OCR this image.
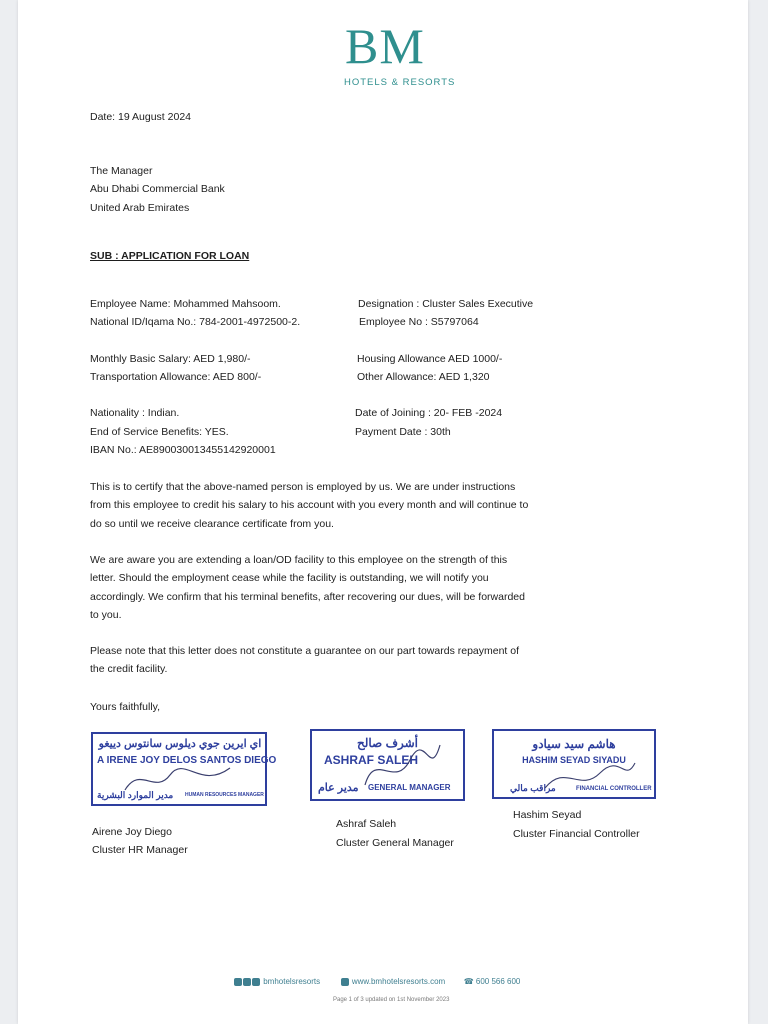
BM
HOTELS & RESORTS
Date: 19 August 2024
The Manager
Abu Dhabi Commercial Bank
United Arab Emirates
SUB : APPLICATION FOR LOAN
Employee Name: Mohammed Mahsoom.
National ID/Iqama No.: 784-2001-4972500-2.
Monthly Basic Salary: AED 1,980/-
Transportation Allowance: AED 800/-
Nationality : Indian.
End of Service Benefits: YES.
IBAN No.: AE890030013455142920001
Designation : Cluster Sales Executive
Employee No : S5797064
Housing Allowance AED 1000/-
Other Allowance: AED 1,320
Date of Joining : 20- FEB -2024
Payment Date : 30th
This is to certify that the above-named person is employed by us. We are under instructions from this employee to credit his salary to his account with you every month and will continue to do so until we receive clearance certificate from you.
We are aware you are extending a loan/OD facility to this employee on the strength of this letter. Should the employment cease while the facility is outstanding, we will notify you accordingly. We confirm that his terminal benefits, after recovering our dues, will be forwarded to you.
Please note that this letter does not constitute a guarantee on our part towards repayment of the credit facility.
Yours faithfully,
اي ايرين جوي ديلوس سانتوس دييغو
A IRENE JOY DELOS SANTOS DIEGO
مدير الموارد البشرية HUMAN RESOURCES MANAGER
أشرف صالح
ASHRAF SALEH
مدير عام GENERAL MANAGER
هاشم سيد سيادو
HASHIM SEYAD SIYADU
مراقب مالي	FINANCIAL CONTROLLER
Airene Joy Diego
Cluster HR Manager
Ashraf Saleh
Cluster General Manager
Hashim Seyad
Cluster Financial Controller
bmhotelsresorts	www.bmhotelsresorts.com ☎ 600 566 600
Page 1 of 3 updated on 1st November 2023
